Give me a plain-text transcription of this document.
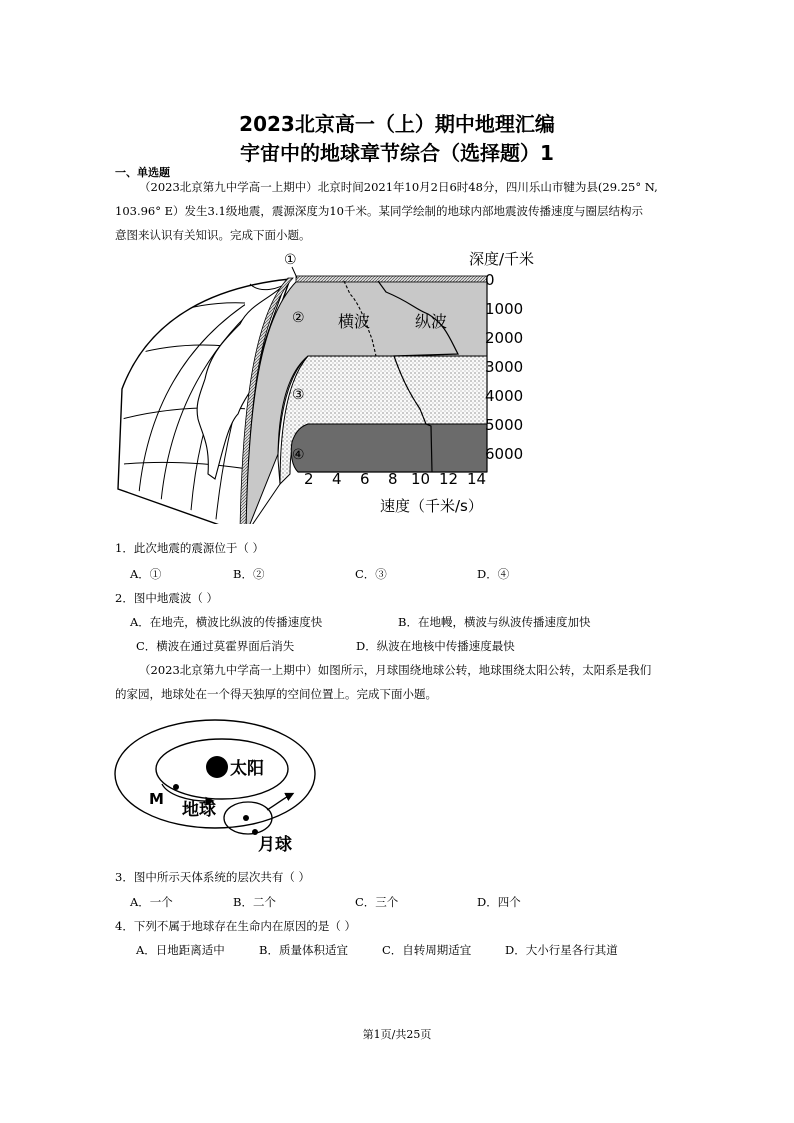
2023北京高一（上）期中地理汇编
宇宙中的地球章节综合（选择题）1
一、单选题
（2023北京第九中学高一上期中）北京时间2021年10月2日6时48分，四川乐山市犍为县(29.25° N,
103.96° E）发生3.1级地震，震源深度为10千米。某同学绘制的地球内部地震波传播速度与圈层结构示
意图来认识有关知识。完成下面小题。
深度/千米
0
1000
2000
3000
4000
5000
6000
2 4 6 8 10 12 14
速度（千米/s）
横波	纵波
①
②
③
④
1．此次地震的震源位于（ ）
A．①	B．②	C．③	D．④
2．图中地震波（ ）
A．在地壳，横波比纵波的传播速度快	B．在地幔，横波与纵波传播速度加快
C．横波在通过莫霍界面后消失	D．纵波在地核中传播速度最快
（2023北京第九中学高一上期中）如图所示，月球围绕地球公转，地球围绕太阳公转，太阳系是我们
的家园，地球处在一个得天独厚的空间位置上。完成下面小题。
太阳
M
地球
月球
3．图中所示天体系统的层次共有（ ）
A．一个	B．二个	C．三个	D．四个
4．下列不属于地球存在生命内在原因的是（ ）
A．日地距离适中	B．质量体积适宜	C．自转周期适宜	D．大小行星各行其道
第1页/共25页
